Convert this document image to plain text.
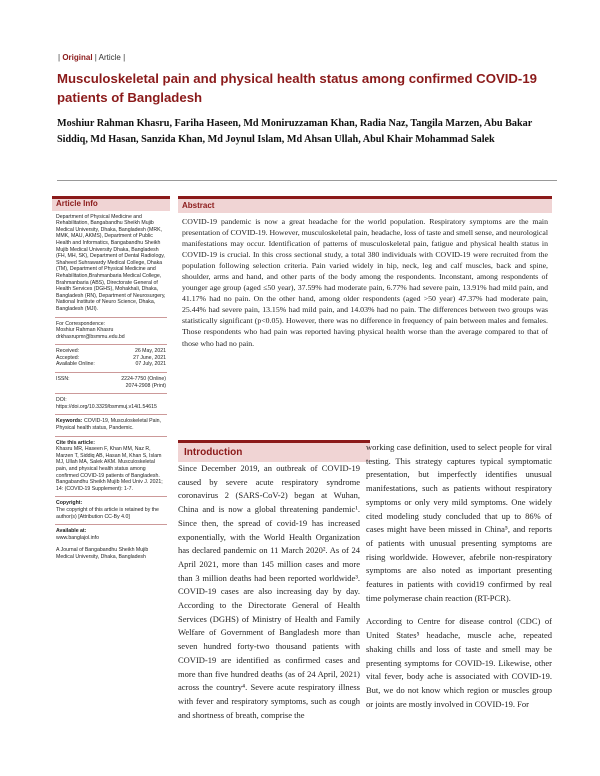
| Original | Article |
Musculoskeletal pain and physical health status among confirmed COVID-19 patients of Bangladesh
Moshiur Rahman Khasru, Fariha Haseen, Md Moniruzzaman Khan, Radia Naz, Tangila Marzen, Abu Bakar Siddiq, Md Hasan, Sanzida Khan, Md Joynul Islam, Md Ahsan Ullah, Abul Khair Mohammad Salek
Article Info
Department of Physical Medicine and Rehabilitation, Bangabandhu Sheikh Mujib Medical University, Dhaka, Bangladesh (MRK, MMK, MAU, AKMS), Department of Public Health and Informatics, Bangabandhu Sheikh Mujib Medical University Dhaka, Bangladesh (FH, MH, SK), Department of Dental Radiology, Shaheed Suhrawardy Medical College, Dhaka (TM), Department of Physical Medicine and Rehabilitation,Brahmanbaria Medical College, Brahmanbaria (ABS), Directorate General of Health Services (DGHS), Mohakhali, Dhaka, Bangladesh (RN), Department of Neurosurgery, National Institute of Neuro Science, Dhaka, Bangladesh (MJI).
For Correspondence:
Moshiur Rahman Khasru drkhasrupmr@bsmmu.edu.bd
Received:	26 May, 2021
Accepted:	27 June, 2021
Available Online:	07 July, 2021
ISSN:	2224-7750 (Online)
2074-2908 (Print)
DOI: https://doi.org/10.3329/bsmmuj.v14i1.54615
Keywords: COVID-19, Musculoskeletal Pain, Physical health status, Pandemic.
Cite this article:
Khasru MR, Haseen F, Khan MM, Naz R, Marzen T, Siddiq AB, Hasan M, Khan S, Islam MJ, Ullah MA, Salek AKM. Musculoskeletal pain, and physical health status among confirmed COVID-19 patients of Bangladesh. Bangabandhu Sheikh Mujib Med Univ J. 2021; 14: (COVID-19 Supplement): 1-7.
Copyright:
The copyright of this article is retained by the author(s) [Attribution CC-By 4.0]
Available at:
www.banglajol.info
A Journal of Bangabandhu Sheikh Mujib Medical University, Dhaka, Bangladesh
Abstract
COVID-19 pandemic is now a great headache for the world population. Respiratory symptoms are the main presentation of COVID-19. However, musculoskeletal pain, headache, loss of taste and smell sense, and neurological manifestations may occur. Identification of patterns of musculoskeletal pain, fatigue and physical health status in COVID-19 is crucial. In this cross sectional study, a total 380 individuals with COVID-19 were recruited from the population following selection criteria. Pain varied widely in hip, neck, leg and calf muscles, back and spine, shoulder, arms and hand, and other parts of the body among the respondents. Inconstant, among respondents of younger age group (aged ≤50 year), 37.59% had moderate pain, 6.77% had severe pain, 13.91% had mild pain, and 41.17% had no pain. On the other hand, among older respondents (aged >50 year) 47.37% had moderate pain, 25.44% had severe pain, 13.15% had mild pain, and 14.03% had no pain. The differences between two groups was statistically significant (p<0.05). However, there was no difference in frequency of pain between males and females. Those respondents who had pain was reported having physical health worse than the average compared to that of those who had no pain.
Introduction

Since December 2019, an outbreak of COVID-19 caused by severe acute respiratory syndrome coronavirus 2 (SARS-CoV-2) began at Wuhan, China and is now a global threatening pandemic¹. Since then, the spread of covid-19 has increased exponentially, with the World Health Organization has declared pandemic on 11 March 2020². As of 24 April 2021, more than 145 million cases and more than 3 million deaths had been reported worldwide³. COVID-19 cases are also increasing day by day. According to the Directorate General of Health Services (DGHS) of Ministry of Health and Family Welfare of Government of Bangladesh more than seven hundred forty-two thousand patients with COVID-19 are identified as confirmed cases and more than five hundred deaths (as of 24 April, 2021) across the country⁴. Severe acute respiratory illness with fever and respiratory symptoms, such as cough and shortness of breath, comprise the

working case definition, used to select people for viral testing. This strategy captures typical symptomatic presentation, but imperfectly identifies unusual manifestations, such as patients without respiratory symptoms or only very mild symptoms. One widely cited modeling study concluded that up to 86% of cases might have been missed in China⁵, and reports of patients with unusual presenting symptoms are rising worldwide. However, afebrile non-respiratory symptoms are also noted as important presenting features in patients with covid19 confirmed by real time polymerase chain reaction (RT-PCR).

According to Centre for disease control (CDC) of United States⁵ headache, muscle ache, repeated shaking chills and loss of taste and smell may be presenting symptoms for COVID-19. Likewise, other vital fever, body ache is associated with COVID-19. But, we do not know which region or muscles group or joints are mostly involved in COVID-19. For
